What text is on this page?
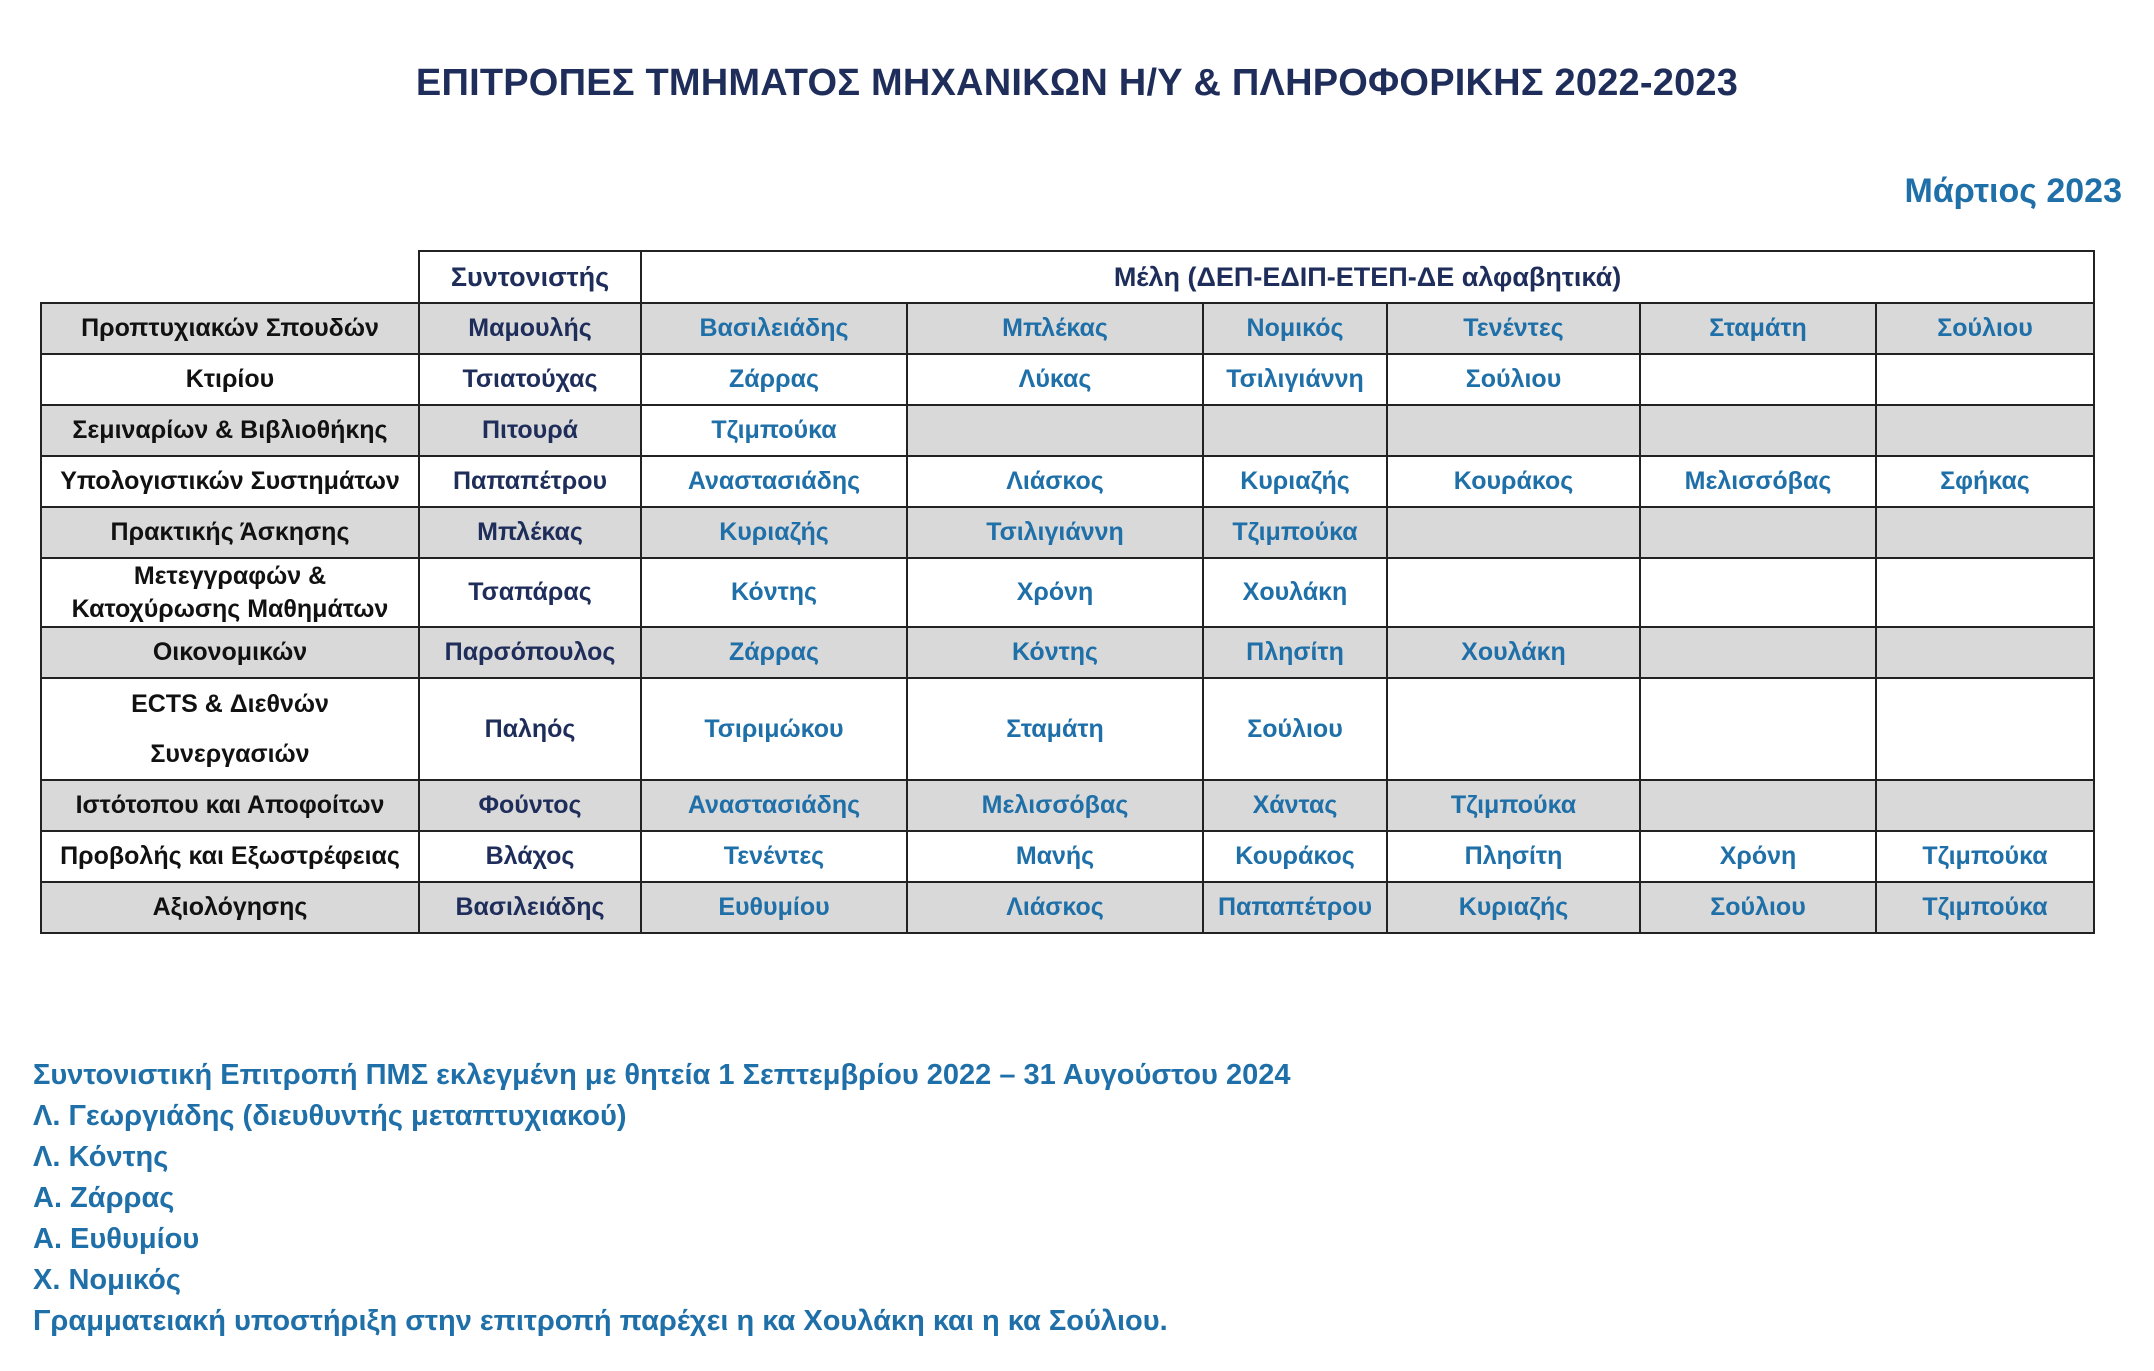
ΕΠΙΤΡΟΠΕΣ ΤΜΗΜΑΤΟΣ ΜΗΧΑΝΙΚΩΝ Η/Υ & ΠΛΗΡΟΦΟΡΙΚΗΣ 2022-2023
Μάρτιος 2023
	Συντονιστής	Μέλη (ΔΕΠ-ΕΔΙΠ-ΕΤΕΠ-ΔΕ αλφαβητικά)					
Προπτυχιακών Σπουδών	Μαμουλής	Βασιλειάδης	Μπλέκας	Νομικός	Τενέντες	Σταμάτη	Σούλιου
Κτιρίου	Τσιατούχας	Ζάρρας	Λύκας	Τσιλιγιάννη	Σούλιου		
Σεμιναρίων & Βιβλιοθήκης	Πιτουρά	Τζιμπούκα					
Υπολογιστικών Συστημάτων	Παπαπέτρου	Αναστασιάδης	Λιάσκος	Κυριαζής	Κουράκος	Μελισσόβας	Σφήκας
Πρακτικής Άσκησης	Μπλέκας	Κυριαζής	Τσιλιγιάννη	Τζιμπούκα			

Μετεγγραφών &
Κατοχύρωσης Μαθημάτων	Τσαπάρας	Κόντης	Χρόνη	Χουλάκη			
Οικονομικών	Παρσόπουλος	Ζάρρας	Κόντης	Πλησίτη	Χουλάκη		

ECTS & Διεθνών
Συνεργασιών	Παληός	Τσιριμώκου	Σταμάτη	Σούλιου			
Ιστότοπου και Αποφοίτων	Φούντος	Αναστασιάδης	Μελισσόβας	Χάντας	Τζιμπούκα		
Προβολής και Εξωστρέφειας	Βλάχος	Τενέντες	Μανής	Κουράκος	Πλησίτη	Χρόνη	Τζιμπούκα
Αξιολόγησης	Βασιλειάδης	Ευθυμίου	Λιάσκος	Παπαπέτρου	Κυριαζής	Σούλιου	Τζιμπούκα
Συντονιστική Επιτροπή ΠΜΣ εκλεγμένη με θητεία 1 Σεπτεμβρίου 2022 – 31 Αυγούστου 2024
Λ. Γεωργιάδης (διευθυντής μεταπτυχιακού)
Λ. Κόντης
Α. Ζάρρας
Α. Ευθυμίου
Χ. Νομικός
Γραμματειακή υποστήριξη στην επιτροπή παρέχει η κα Χουλάκη και η κα Σούλιου.
